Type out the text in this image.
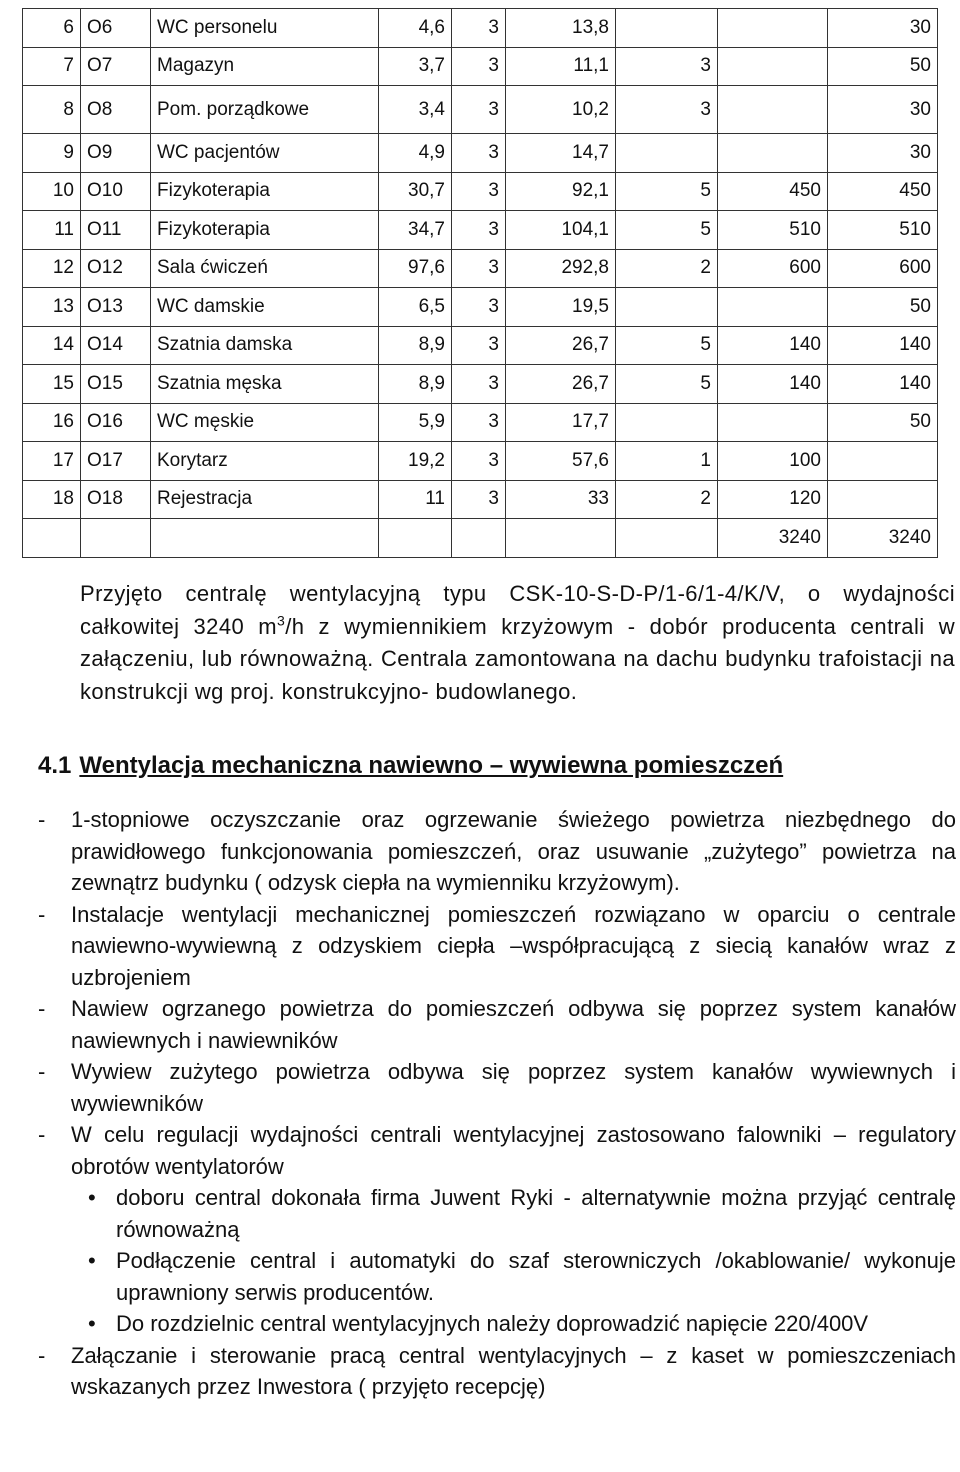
6	O6	WC personelu	4,6	3	13,8			30
7	O7	Magazyn	3,7	3	11,1	3		50
8	O8	Pom. porządkowe	3,4	3	10,2	3		30
9	O9	WC pacjentów	4,9	3	14,7			30
10	O10	Fizykoterapia	30,7	3	92,1	5	450	450
11	O11	Fizykoterapia	34,7	3	104,1	5	510	510
12	O12	Sala ćwiczeń	97,6	3	292,8	2	600	600
13	O13	WC damskie	6,5	3	19,5			50
14	O14	Szatnia damska	8,9	3	26,7	5	140	140
15	O15	Szatnia męska	8,9	3	26,7	5	140	140
16	O16	WC męskie	5,9	3	17,7			50
17	O17	Korytarz	19,2	3	57,6	1	100	
18	O18	Rejestracja	11	3	33	2	120	
							3240	3240

Przyjęto centralę wentylacyjną typu CSK-10-S-D-P/1-6/1-4/K/V, o wydajności całkowitej 3240 $m^3/h$ z wymiennikiem krzyżowym - dobór producenta centrali w załączeniu, lub równoważną. Centrala zamontowana na dachu budynku trafoistacji na konstrukcji wg proj. konstrukcyjno- budowlanego.

4.1 Wentylacja mechaniczna nawiewno – wywiewna pomieszczeń
- 1-stopniowe oczyszczanie oraz ogrzewanie świeżego powietrza niezbędnego do prawidłowego funkcjonowania pomieszczeń, oraz usuwanie „zużytego” powietrza na zewnątrz budynku ( odzysk ciepła na wymienniku krzyżowym).
- Instalacje wentylacji mechanicznej pomieszczeń rozwiązano w oparciu o centrale nawiewno-wywiewną z odzyskiem ciepła –współpracującą z siecią kanałów wraz z uzbrojeniem
- Nawiew ogrzanego powietrza do pomieszczeń odbywa się poprzez system kanałów nawiewnych i nawiewników
- Wywiew zużytego powietrza odbywa się poprzez system kanałów wywiewnych i wywiewników
- W celu regulacji wydajności centrali wentylacyjnej zastosowano falowniki – regulatory obrotów wentylatorów
• doboru central dokonała firma Juwent Ryki - alternatywnie można przyjąć centralę równoważną
• Podłączenie central i automatyki do szaf sterowniczych /okablowanie/ wykonuje uprawniony serwis producentów.
• Do rozdzielnic central wentylacyjnych należy doprowadzić napięcie 220/400V
- Załączanie i sterowanie pracą central wentylacyjnych – z kaset w pomieszczeniach wskazanych przez Inwestora ( przyjęto recepcję)
